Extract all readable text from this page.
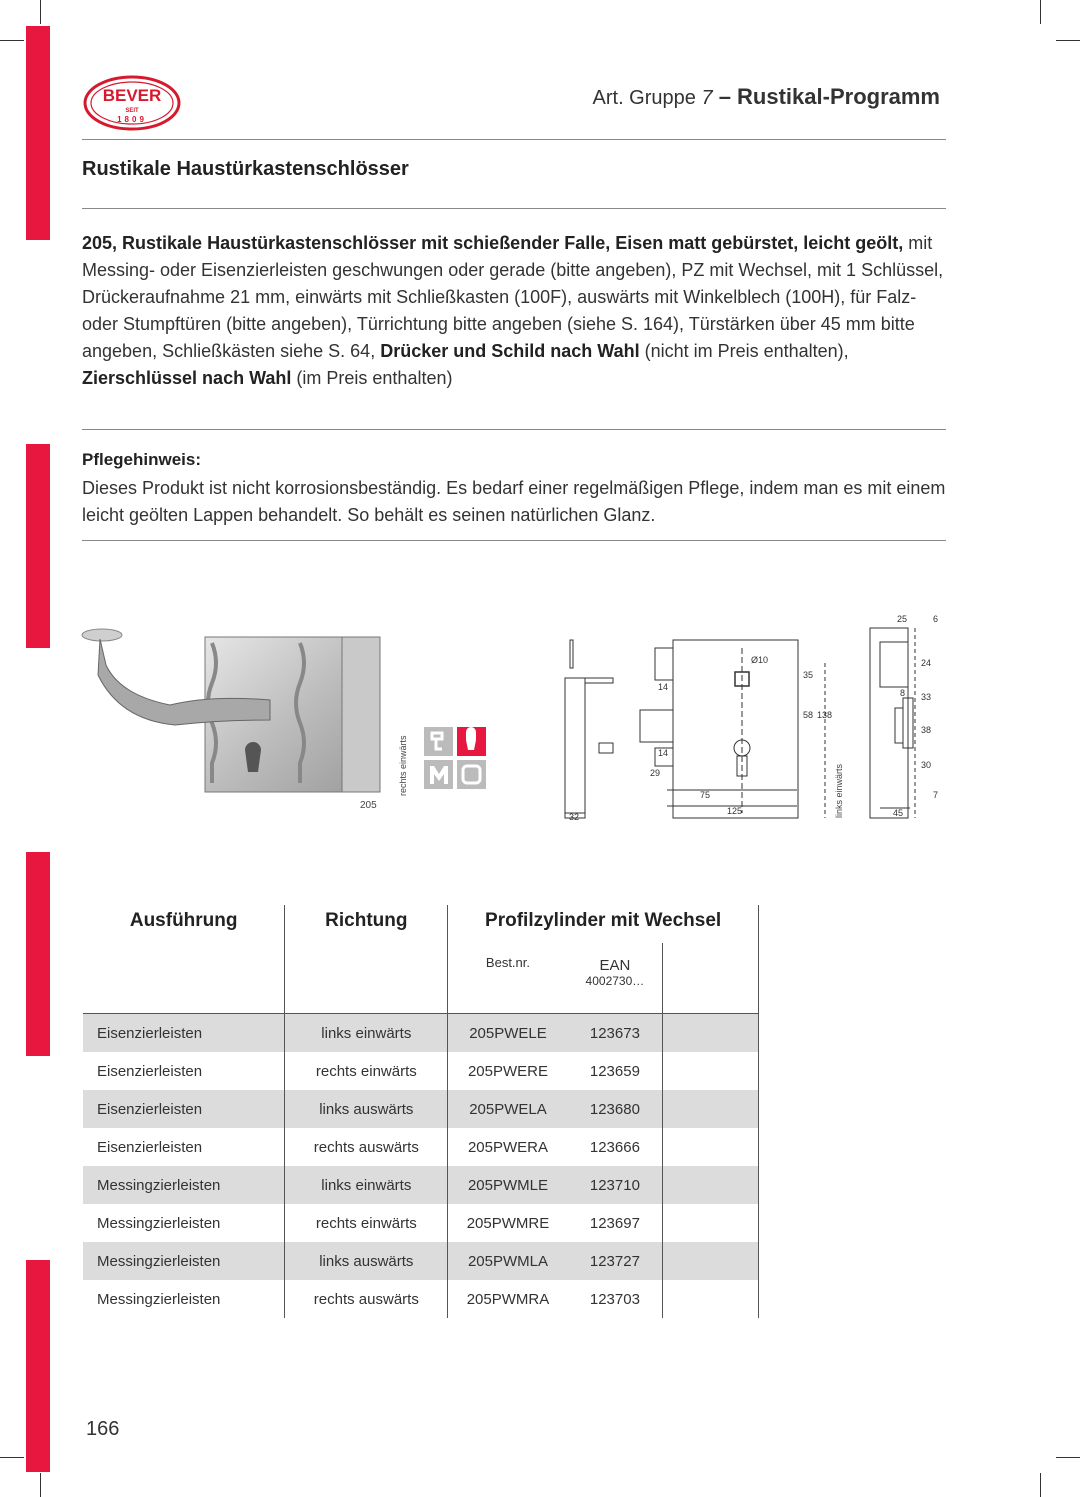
BEVER
SEIT
1809
Art. Gruppe 7 – Rustikal-Programm
Rustikale Haustürkastenschlösser
205, Rustikale Haustürkastenschlösser mit schießender Falle, Eisen matt gebürstet, leicht geölt, mit Messing- oder Eisenzierleisten geschwungen oder gerade (bitte angeben), PZ mit Wechsel, mit 1 Schlüssel, Drückeraufnahme 21 mm, einwärts mit Schließkasten (100F), auswärts mit Winkelblech (100H), für Falz- oder Stumpftüren (bitte angeben), Türrichtung bitte angeben (siehe S. 164), Türstärken über 45 mm bitte angeben, Schließkästen siehe S. 64, Drücker und Schild nach Wahl (nicht im Preis enthalten), Zierschlüssel nach Wahl (im Preis enthalten)
Pflegehinweis:
Dieses Produkt ist nicht korrosionsbeständig. Es bedarf einer regelmäßigen Pflege, indem man es mit einem leicht geölten Lappen behandelt. So behält es seinen natürlichen Glanz.
205
rechts einwärts
Ø10
35
58 138
14
14
29
75
32
125
25	6
24
8 33
38
30
7
45
links einwärts
Ausführung	Richtung	Profilzylinder mit Wechsel		
		Best.nr.	EAN
4002730…	

Eisenzierleisten	links einwärts	205PWELE	123673	
Eisenzierleisten	rechts einwärts	205PWERE	123659	
Eisenzierleisten	links auswärts	205PWELA	123680	
Eisenzierleisten	rechts auswärts	205PWERA	123666	
Messingzierleisten	links einwärts	205PWMLE	123710	
Messingzierleisten	rechts einwärts	205PWMRE	123697	
Messingzierleisten	links auswärts	205PWMLA	123727	
Messingzierleisten	rechts auswärts	205PWMRA	123703	
166
